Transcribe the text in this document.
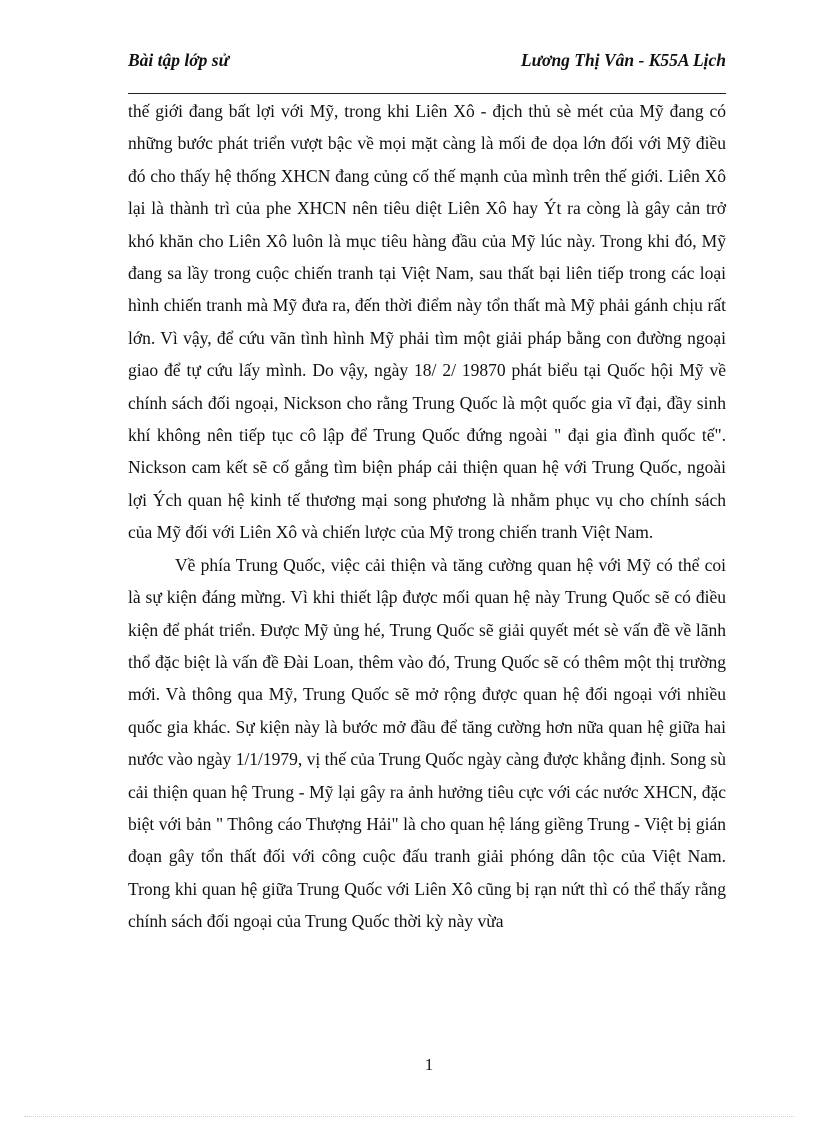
Bài tập lớp sử	Lương Thị Vân - K55A Lịch

thế giới đang bất lợi với Mỹ, trong khi Liên Xô - địch thủ sè mét của Mỹ đang có những bước phát triển vượt bậc về mọi mặt càng là mối đe dọa lớn đối với Mỹ điều đó cho thấy hệ thống XHCN đang củng cố thế mạnh của mình trên thế giới. Liên Xô lại là thành trì của phe XHCN nên tiêu diệt Liên Xô hay Ýt ra còng là gây cản trở khó khăn cho Liên Xô luôn là mục tiêu hàng đầu của Mỹ lúc này. Trong khi đó, Mỹ đang sa lầy trong cuộc chiến tranh tại Việt Nam, sau thất bại liên tiếp trong các loại hình chiến tranh mà Mỹ đưa ra, đến thời điểm này tổn thất mà Mỹ phải gánh chịu rất lớn. Vì vậy, để cứu vãn tình hình Mỹ phải tìm một giải pháp bằng con đường ngoại giao để tự cứu lấy mình. Do vậy, ngày 18/ 2/ 19870 phát biểu tại Quốc hội Mỹ về chính sách đối ngoại, Nickson cho rằng Trung Quốc là một quốc gia vĩ đại, đầy sinh khí không nên tiếp tục cô lập để Trung Quốc đứng ngoài " đại gia đình quốc tế". Nickson cam kết sẽ cố gắng tìm biện pháp cải thiện quan hệ với Trung Quốc, ngoài lợi Ých quan hệ kinh tế thương mại song phương là nhằm phục vụ cho chính sách của Mỹ đối với Liên Xô và chiến lược của Mỹ trong chiến tranh Việt Nam.

Về phía Trung Quốc, việc cải thiện và tăng cường quan hệ với Mỹ có thể coi là sự kiện đáng mừng. Vì khi thiết lập được mối quan hệ này Trung Quốc sẽ có điều kiện để phát triển. Được Mỹ ủng hé, Trung Quốc sẽ giải quyết mét sè vấn đề về lãnh thổ đặc biệt là vấn đề Đài Loan, thêm vào đó, Trung Quốc sẽ có thêm một thị trường mới. Và thông qua Mỹ, Trung Quốc sẽ mở rộng được quan hệ đối ngoại với nhiều quốc gia khác. Sự kiện này là bước mở đầu để tăng cường hơn nữa quan hệ giữa hai nước vào ngày 1/1/1979, vị thế của Trung Quốc ngày càng được khẳng định. Song sù cải thiện quan hệ Trung - Mỹ lại gây ra ảnh hưởng tiêu cực với các nước XHCN, đặc biệt với bản " Thông cáo Thượng Hải" là cho quan hệ láng giềng Trung - Việt bị gián đoạn gây tổn thất đối với công cuộc đấu tranh giải phóng dân tộc của Việt Nam. Trong khi quan hệ giữa Trung Quốc với Liên Xô cũng bị rạn nứt thì có thể thấy rằng chính sách đối ngoại của Trung Quốc thời kỳ này vừa

1
